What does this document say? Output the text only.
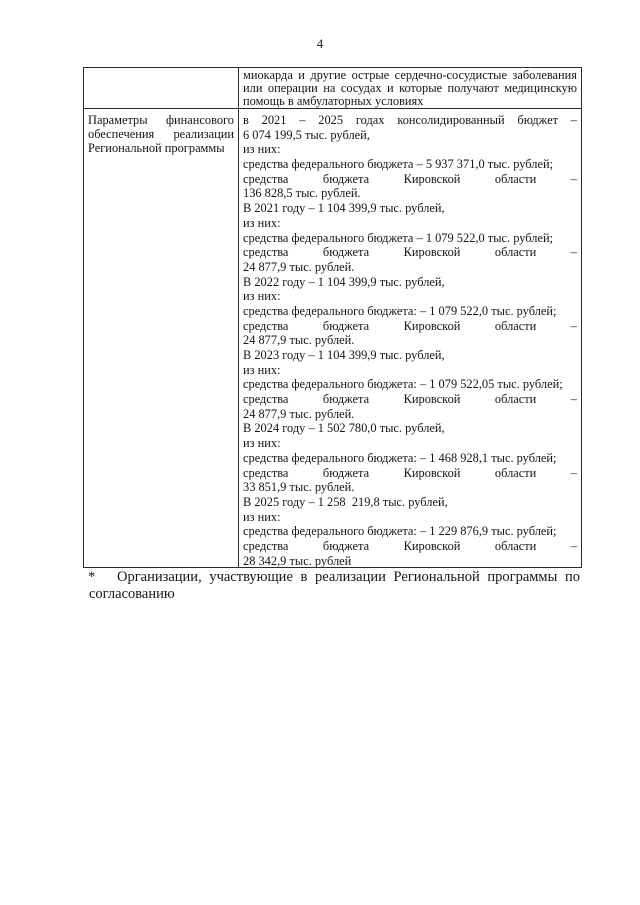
4
миокарда и другие острые сердечно-сосудистые заболевания
или операции на сосудах и которые получают медицинскую
помощь в амбулаторных условиях
Параметры финансового
обеспечения реализации
Региональной программы
в 2021 – 2025 годах консолидированный бюджет –
6 074 199,5 тыс. рублей,
из них:
средства федерального бюджета – 5 937 371,0 тыс. рублей;
средства бюджета Кировской области –
136 828,5 тыс. рублей.
В 2021 году – 1 104 399,9 тыс. рублей,
из них:
средства федерального бюджета – 1 079 522,0 тыс. рублей;
средства бюджета Кировской области –
24 877,9 тыс. рублей.
В 2022 году – 1 104 399,9 тыс. рублей,
из них:
средства федерального бюджета: – 1 079 522,0 тыс. рублей;
средства бюджета Кировской области –
24 877,9 тыс. рублей.
В 2023 году – 1 104 399,9 тыс. рублей,
из них:
средства федерального бюджета: – 1 079 522,05 тыс. рублей;
средства бюджета Кировской области –
24 877,9 тыс. рублей.
В 2024 году – 1 502 780,0 тыс. рублей,
из них:
средства федерального бюджета: – 1 468 928,1 тыс. рублей;
средства бюджета Кировской области –
33 851,9 тыс. рублей.
В 2025 году – 1 258  219,8 тыс. рублей,
из них:
средства федерального бюджета: – 1 229 876,9 тыс. рублей;
средства бюджета Кировской области –
28 342,9 тыс. рублей
*	Организации, участвующие в реализации Региональной программы по
согласованию
